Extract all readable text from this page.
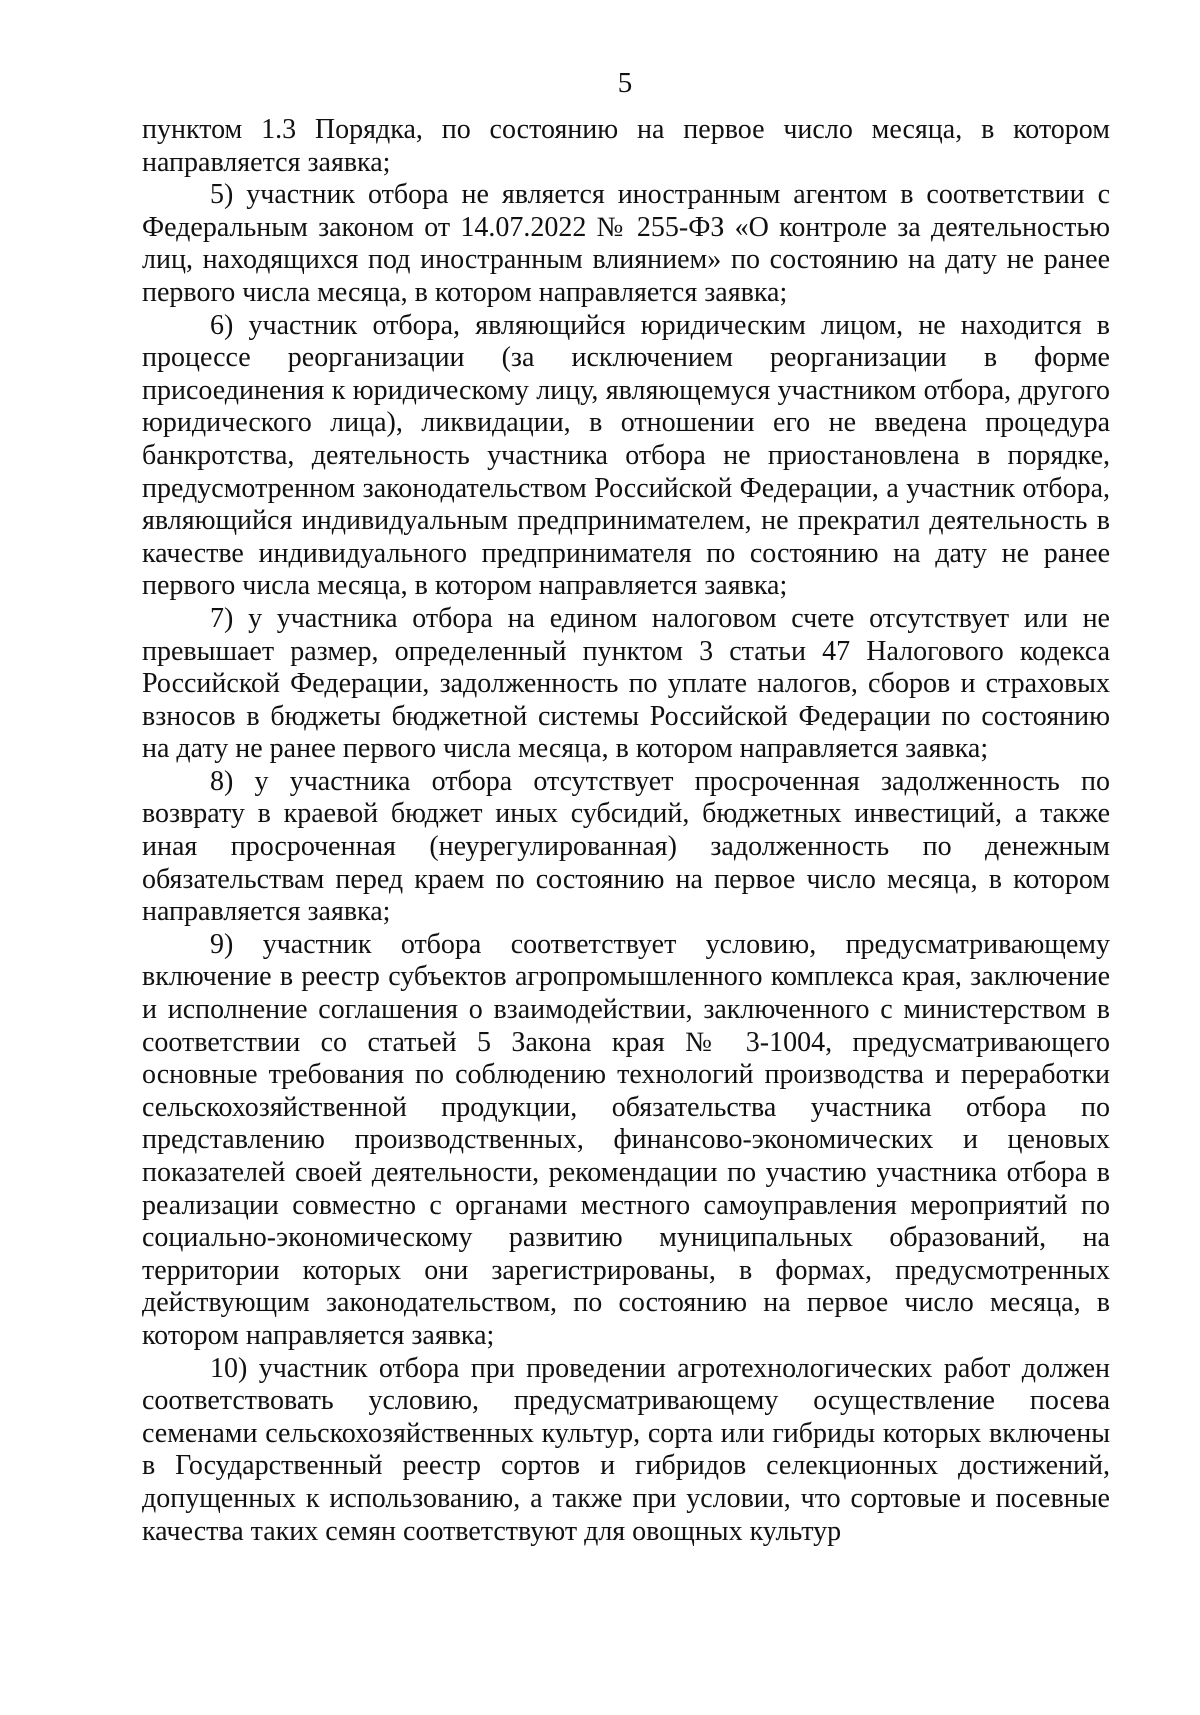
5

пунктом 1.3 Порядка, по состоянию на первое число месяца, в котором направляется заявка;

5) участник отбора не является иностранным агентом в соответствии с Федеральным законом от 14.07.2022 № 255-ФЗ «О контроле за деятельностью лиц, находящихся под иностранным влиянием» по состоянию на дату не ранее первого числа месяца, в котором направляется заявка;

6) участник отбора, являющийся юридическим лицом, не находится в процессе реорганизации (за исключением реорганизации в форме присоединения к юридическому лицу, являющемуся участником отбора, другого юридического лица), ликвидации, в отношении его не введена процедура банкротства, деятельность участника отбора не приостановлена в порядке, предусмотренном законодательством Российской Федерации, а участник отбора, являющийся индивидуальным предпринимателем, не прекратил деятельность в качестве индивидуального предпринимателя по состоянию на дату не ранее первого числа месяца, в котором направляется заявка;

7) у участника отбора на едином налоговом счете отсутствует или не превышает размер, определенный пунктом 3 статьи 47 Налогового кодекса Российской Федерации, задолженность по уплате налогов, сборов и страховых взносов в бюджеты бюджетной системы Российской Федерации по состоянию на дату не ранее первого числа месяца, в котором направляется заявка;

8) у участника отбора отсутствует просроченная задолженность по возврату в краевой бюджет иных субсидий, бюджетных инвестиций, а также иная просроченная (неурегулированная) задолженность по денежным обязательствам перед краем по состоянию на первое число месяца, в котором направляется заявка;

9) участник отбора соответствует условию, предусматривающему включение в реестр субъектов агропромышленного комплекса края, заключение и исполнение соглашения о взаимодействии, заключенного с министерством в соответствии со статьей 5 Закона края № 3-1004, предусматривающего основные требования по соблюдению технологий производства и переработки сельскохозяйственной продукции, обязательства участника отбора по представлению производственных, финансово-экономических и ценовых показателей своей деятельности, рекомендации по участию участника отбора в реализации совместно с органами местного самоуправления мероприятий по социально-экономическому развитию муниципальных образований, на территории которых они зарегистрированы, в формах, предусмотренных действующим законодательством, по состоянию на первое число месяца, в котором направляется заявка;

10) участник отбора при проведении агротехнологических работ должен соответствовать условию, предусматривающему осуществление посева семенами сельскохозяйственных культур, сорта или гибриды которых включены в Государственный реестр сортов и гибридов селекционных достижений, допущенных к использованию, а также при условии, что сортовые и посевные качества таких семян соответствуют для овощных культур
